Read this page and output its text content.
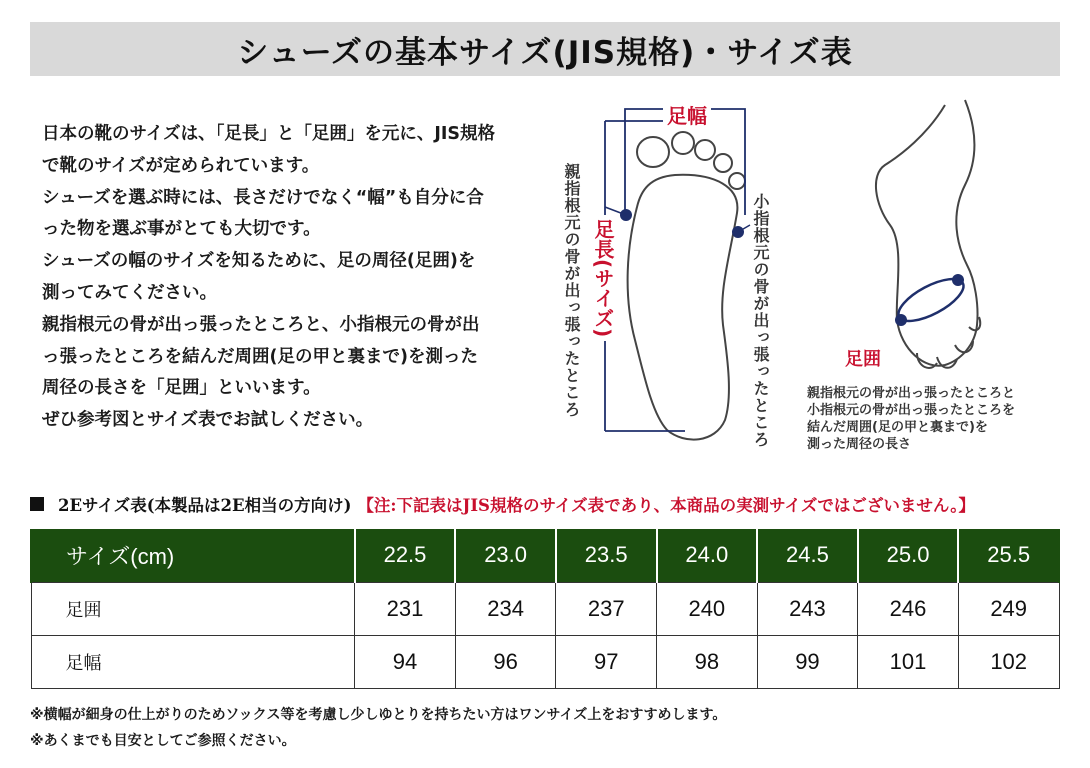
シューズの基本サイズ(JIS規格)・サイズ表

日本の靴のサイズは、「足長」と「足囲」を元に、JIS規格

で靴のサイズが定められています。

シューズを選ぶ時には、長さだけでなく“幅”も自分に合

った物を選ぶ事がとても大切です。

シューズの幅のサイズを知るために、足の周径(足囲)を

測ってみてください。

親指根元の骨が出っ張ったところと、小指根元の骨が出

っ張ったところを結んだ周囲(足の甲と裏まで)を測った

周径の長さを「足囲」といいます。

ぜひ参考図とサイズ表でお試しください。

足幅
足長(サイズ)
親指根元の骨が出っ張ったところ	小指根元の骨が出っ張ったところ	足囲

親指根元の骨が出っ張ったところと

小指根元の骨が出っ張ったところを

結んだ周囲(足の甲と裏まで)を

測った周径の長さ

2Eサイズ表(本製品は2E相当の方向け) 【注:下記表はJIS規格のサイズ表であり、本商品の実測サイズではございません。】
サイズ(cm)	22.5	23.0	23.5	24.0	24.5	25.0	25.5
足囲	231	234	237	240	243	246	249
足幅	94	96	97	98	99	101	102

※横幅が細身の仕上がりのためソックス等を考慮し少しゆとりを持ちたい方はワンサイズ上をおすすめします。

※あくまでも目安としてご参照ください。
